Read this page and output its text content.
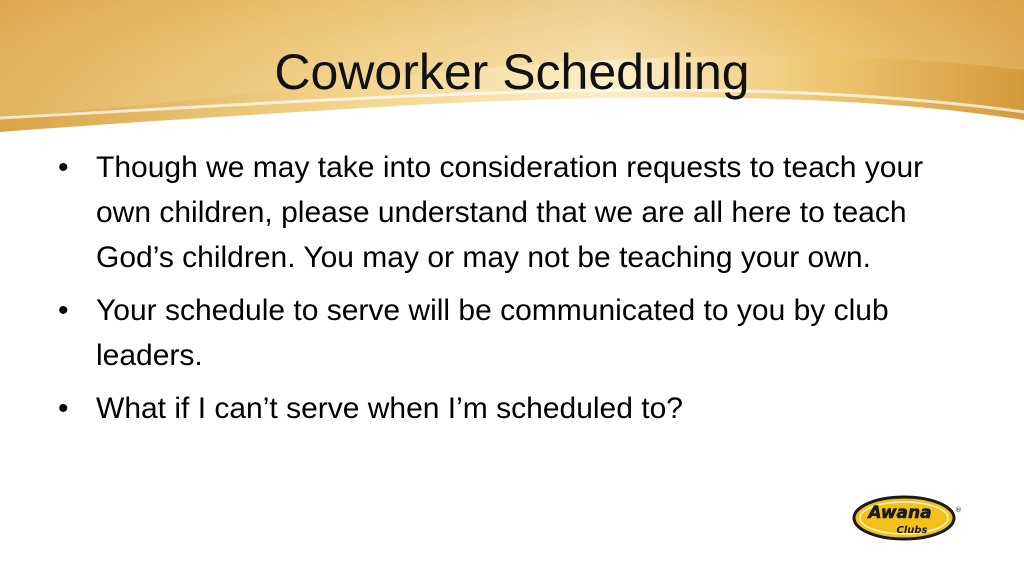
Coworker Scheduling
• Though we may take into consideration requests to teach your own children, please understand that we are all here to teach God’s children. You may or may not be teaching your own.
• Your schedule to serve will be communicated to you by club leaders.
• What if I can’t serve when I’m scheduled to?
Awana
Clubs
®
